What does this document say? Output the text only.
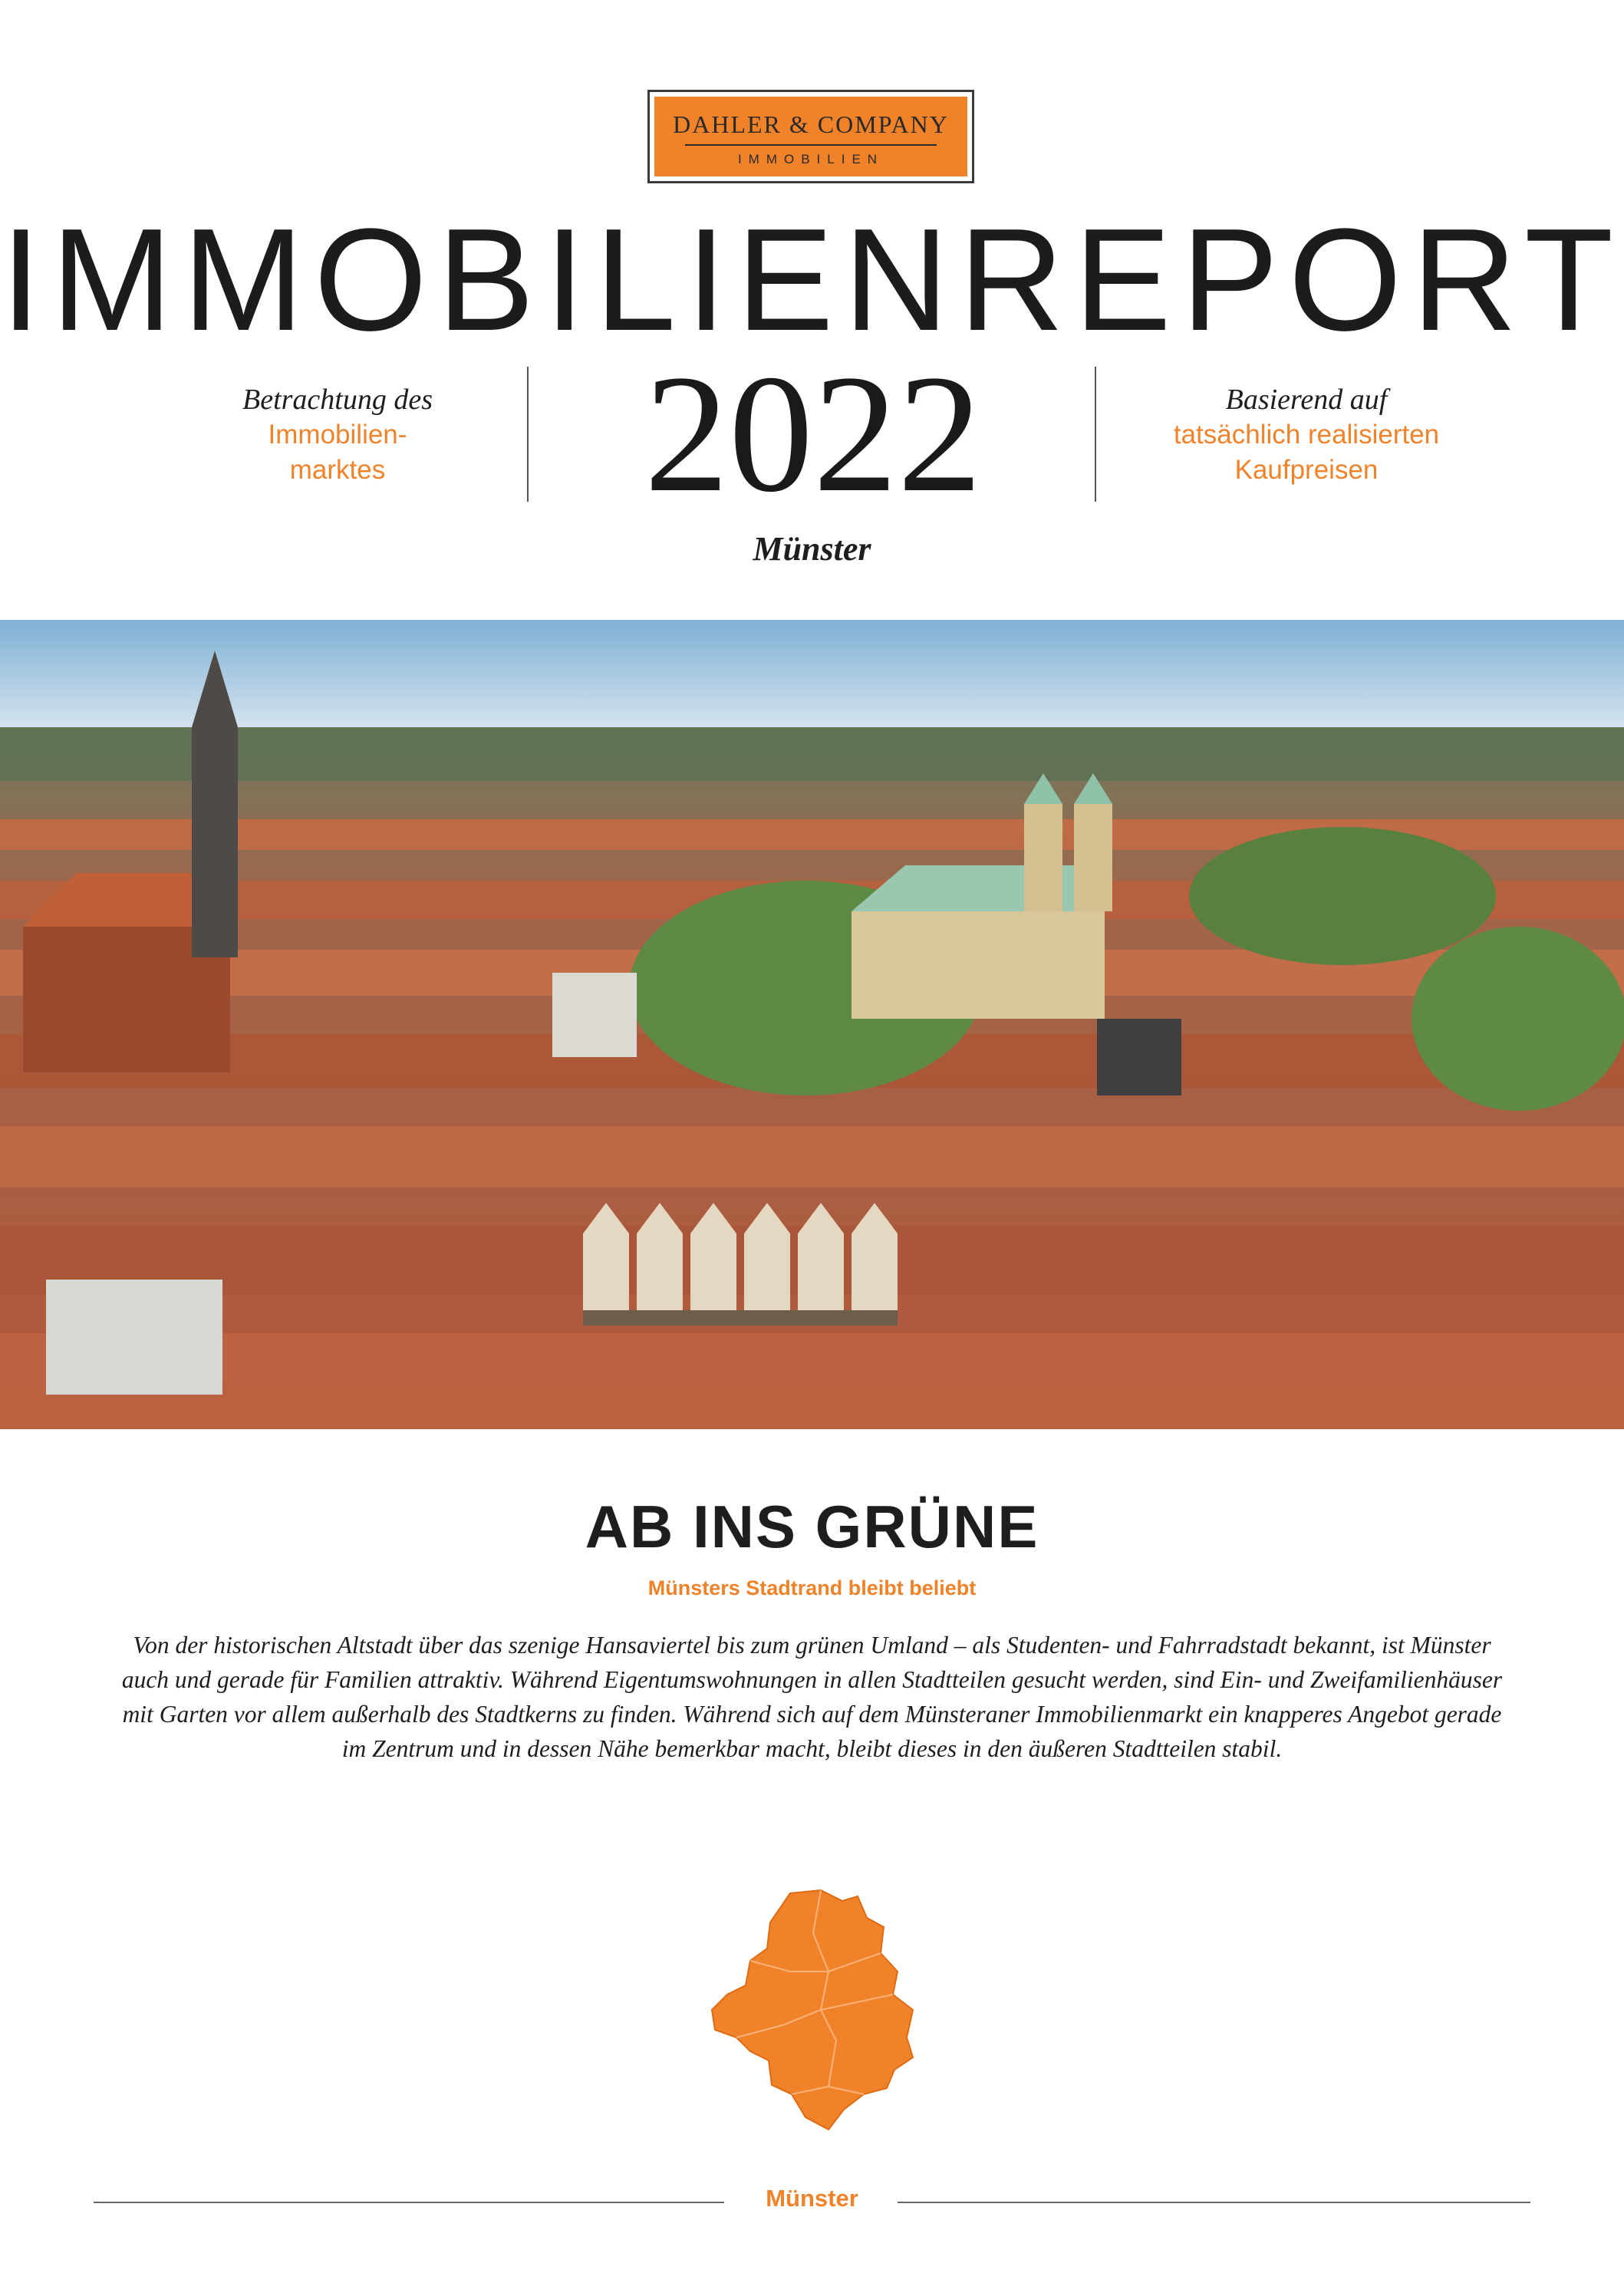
DAHLER & COMPANY
IMMOBILIEN
IMMOBILIENREPORT
Betrachtung des
Immobilien-
marktes	2022	Basierend auf
tatsächlich realisierten
Kaufpreisen
Münster
AB INS GRÜNE
Münsters Stadtrand bleibt beliebt
Von der historischen Altstadt über das szenige Hansaviertel bis zum grünen Umland – als Studenten- und Fahrradstadt bekannt, ist Münster auch und gerade für Familien attraktiv. Während Eigentumswohnungen in allen Stadtteilen gesucht werden, sind Ein- und Zweifamilienhäuser mit Garten vor allem außerhalb des Stadtkerns zu finden. Während sich auf dem Münsteraner Immobilienmarkt ein knapperes Angebot gerade im Zentrum und in dessen Nähe bemerkbar macht, bleibt dieses in den äußeren Stadtteilen stabil.
Münster
